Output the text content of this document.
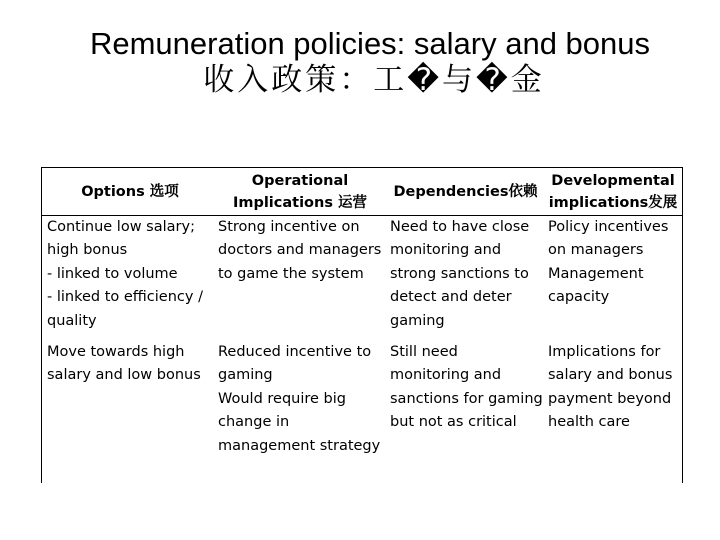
Remuneration policies: salary and bonus
收入政策：工�与�金
Options 选项
Operational
Implications 运营
Dependencies依赖
Developmental
implications发展
Continue low salary;
high bonus
- linked to volume
- linked to efficiency /
quality
Strong incentive on
doctors and managers
to game the system
Need to have close
monitoring and
strong sanctions to
detect and deter
gaming
Policy incentives
on managers
Management
capacity
Move towards high
salary and low bonus
Reduced incentive to
gaming
Would require big
change in
management strategy
Still need
monitoring and
sanctions for gaming
but not as critical
Implications for
salary and bonus
payment beyond
health care
